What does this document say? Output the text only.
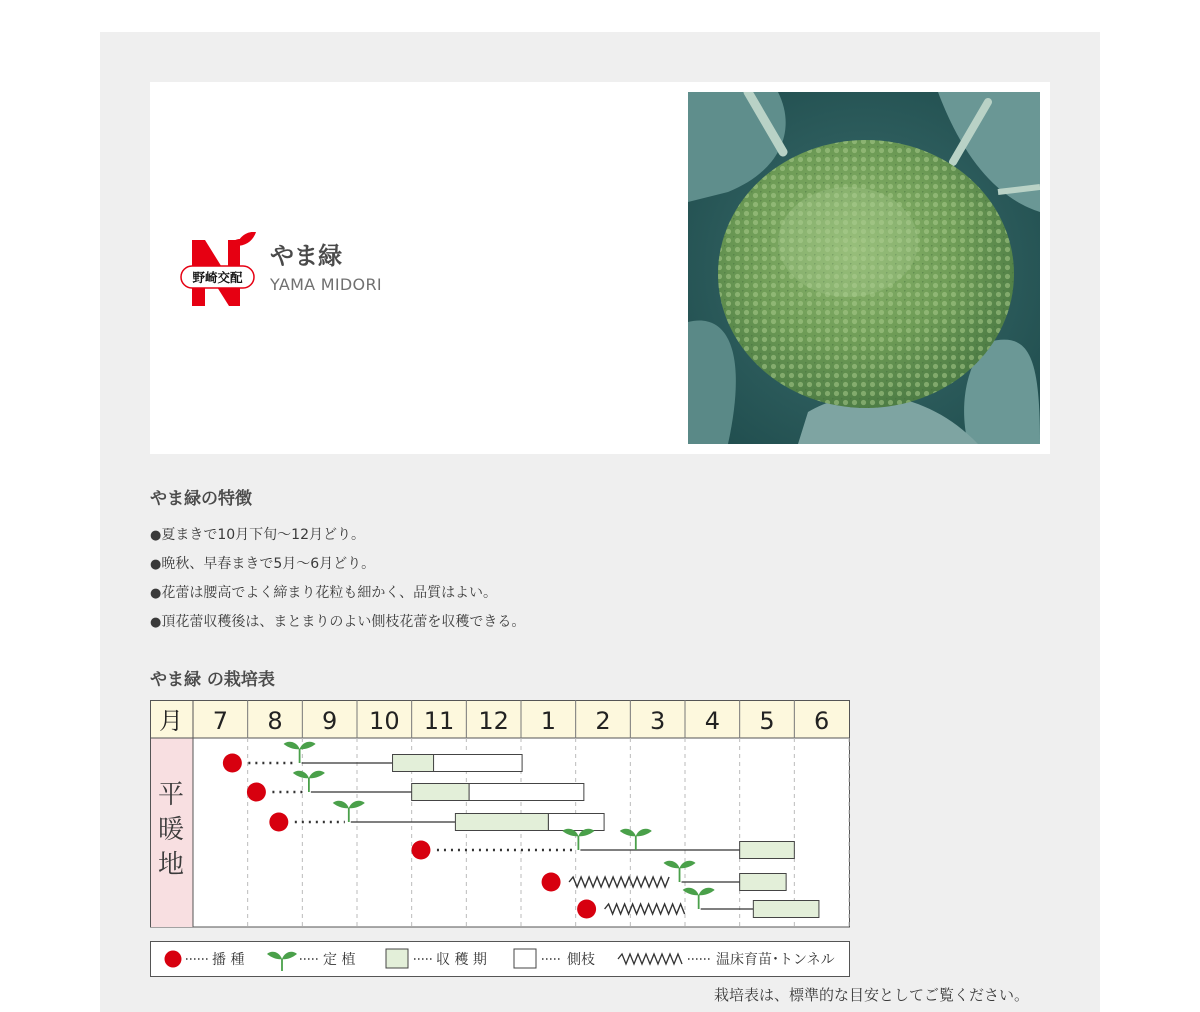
野崎交配
やま緑
YAMA MIDORI
やま緑の特徴
●夏まきで10月下旬〜12月どり。
●晩秋、早春まきで5月〜6月どり。
●花蕾は腰高でよく締まり花粒も細かく、品質はよい。
●頂花蕾収穫後は、まとまりのよい側枝花蕾を収穫できる。
やま緑 の栽培表
月 7 8 9 10 11 12 1 2 3 4 5 6
平
暖
地
播 種	定 植	収 穫 期	側枝	温床育苗･トンネル
栽培表は、標準的な目安としてご覧ください。
